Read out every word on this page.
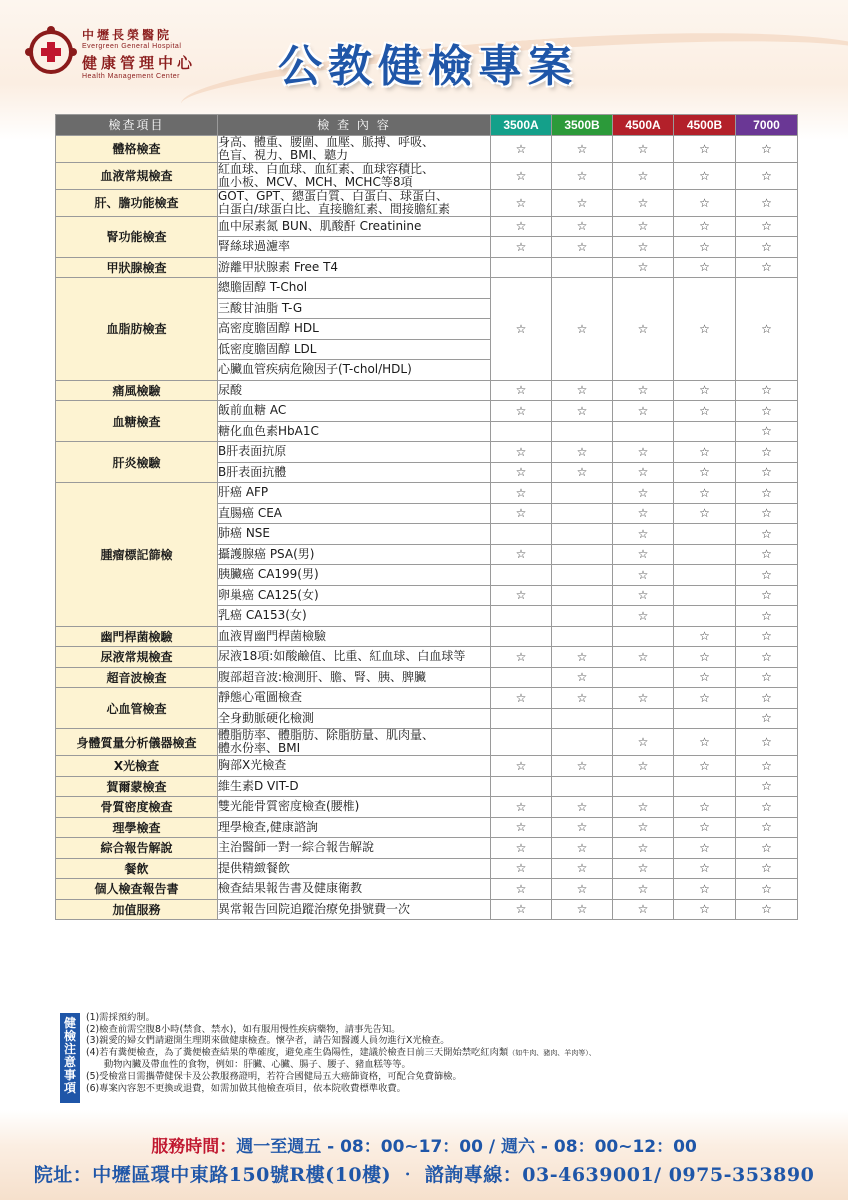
中壢長榮醫院
Evergreen General Hospital
健康管理中心
Health Management Center	公教健檢專案
檢查項目	檢 查 內 容	3500A	3500B	4500A	4500B	7000
體格檢查	身高、體重、腰圍、血壓、脈搏、呼吸、
色盲、視力、BMI、聽力	☆	☆	☆	☆	☆
血液常規檢查	紅血球、白血球、血紅素、血球容積比、
血小板、MCV、MCH、MCHC等8項	☆	☆	☆	☆	☆
肝、膽功能檢查	GOT、GPT、總蛋白質、白蛋白、球蛋白、
白蛋白/球蛋白比、直接膽紅素、間接膽紅素	☆	☆	☆	☆	☆
腎功能檢查	血中尿素氮 BUN、肌酸酐 Creatinine	☆	☆	☆	☆	☆
	腎絲球過濾率	☆	☆	☆	☆	☆
甲狀腺檢查	游離甲狀腺素 Free T4			☆	☆	☆
血脂肪檢查	總膽固醇 T-Chol	☆	☆	☆	☆	☆
	三酸甘油脂 T-G					
	高密度膽固醇 HDL					
	低密度膽固醇 LDL					
	心臟血管疾病危險因子(T-chol/HDL)					
痛風檢驗	尿酸	☆	☆	☆	☆	☆
血糖檢查	飯前血糖 AC	☆	☆	☆	☆	☆
	糖化血色素HbA1C					☆
肝炎檢驗	B肝表面抗原	☆	☆	☆	☆	☆
	B肝表面抗體	☆	☆	☆	☆	☆
腫瘤標記篩檢	肝癌 AFP	☆		☆	☆	☆
	直腸癌 CEA	☆		☆	☆	☆
	肺癌 NSE			☆		☆
	攝護腺癌 PSA(男)	☆		☆		☆
	胰臟癌 CA199(男)			☆		☆
	卵巢癌 CA125(女)	☆		☆		☆
	乳癌 CA153(女)			☆		☆
幽門桿菌檢驗	血液胃幽門桿菌檢驗				☆	☆
尿液常規檢查	尿液18項:如酸鹼值、比重、紅血球、白血球等	☆	☆	☆	☆	☆
超音波檢查	腹部超音波:檢測肝、膽、腎、胰、脾臟		☆		☆	☆
心血管檢查	靜態心電圖檢查	☆	☆	☆	☆	☆
	全身動脈硬化檢測					☆
身體質量分析儀器檢查	體脂肪率、體脂肪、除脂肪量、肌肉量、
體水份率、BMI			☆	☆	☆
X光檢查	胸部X光檢查	☆	☆	☆	☆	☆
賀爾蒙檢查	維生素D VIT-D					☆
骨質密度檢查	雙光能骨質密度檢查(腰椎)	☆	☆	☆	☆	☆
理學檢查	理學檢查,健康諮詢	☆	☆	☆	☆	☆
綜合報告解說	主治醫師一對一綜合報告解說	☆	☆	☆	☆	☆
餐飲	提供精緻餐飲	☆	☆	☆	☆	☆
個人檢查報告書	檢查結果報告書及健康衛教	☆	☆	☆	☆	☆
加值服務	異常報告回院追蹤治療免掛號費一次	☆	☆	☆	☆	☆
健檢注意事項
(1)需採預約制。
(2)檢查前需空腹8小時(禁食、禁水)，如有服用慢性疾病藥物，請事先告知。
(3)親愛的婦女們請避開生理期來做健康檢查。懷孕者，請告知醫護人員勿進行X光檢查。
(4)若有糞便檢查，為了糞便檢查結果的準確度，避免產生偽陽性，建議於檢查日前三天開始禁吃紅肉類（如牛肉、豬肉、羊肉等）、
動物內臟及帶血性的食物，例如：肝臟、心臟、腸子、腰子、豬血糕等等。
(5)受檢當日需攜帶健保卡及公教服務證明，若符合國健局五大癌篩資格，可配合免費篩檢。
(6)專案內容恕不更換或退費，如需加做其他檢查項目，依本院收費標準收費。
服務時間：週一至週五 - 08：00~17：00 / 週六 - 08：00~12：00
院址：中壢區環中東路150號R樓(10樓) ‧ 諮詢專線：03-4639001/ 0975-353890
